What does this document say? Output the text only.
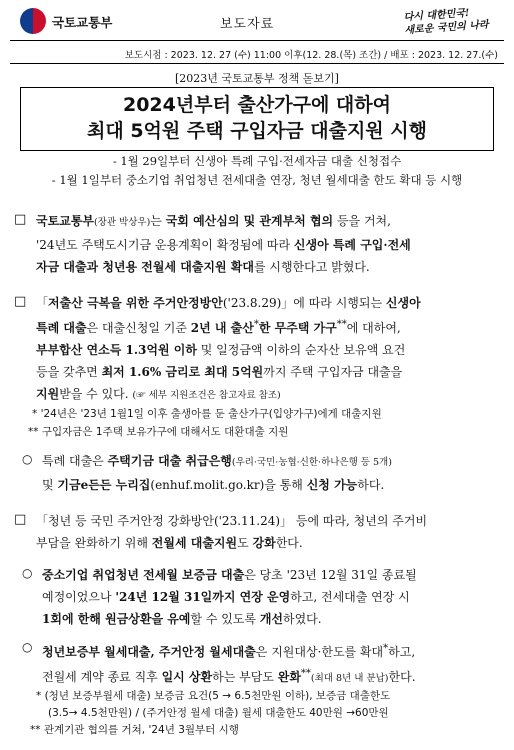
국토교통부	보도자료
다시 대한민국!
새로운 국민의 나라
보도시점 : 2023. 12. 27 (수) 11:00 이후(12. 28.(목) 조간) / 배포 : 2023. 12. 27.(수)
[2023년 국토교통부 정책 돋보기]
2024년부터 출산가구에 대하여
최대 5억원 주택 구입자금 대출지원 시행
- 1월 29일부터 신생아 특례 구입·전세자금 대출 신청접수
- 1월 1일부터 중소기업 취업청년 전세대출 연장, 청년 월세대출 한도 확대 등 시행
□ 국토교통부(장관 박상우)는 국회 예산심의 및 관계부처 협의 등을 거쳐,
'24년도 주택도시기금 운용계획이 확정됨에 따라 신생아 특례 구입·전세
자금 대출과 청년용 전월세 대출지원 확대를 시행한다고 밝혔다.
□ 「저출산 극복을 위한 주거안정방안('23.8.29)」에 따라 시행되는 신생아
특례 대출은 대출신청일 기준 2년 내 출산*한 무주택 가구**에 대하여,
부부합산 연소득 1.3억원 이하 및 일정금액 이하의 순자산 보유액 요건
등을 갖추면 최저 1.6% 금리로 최대 5억원까지 주택 구입자금 대출을
지원받을 수 있다. (☞ 세부 지원조건은 참고자료 참조)
* '24년은 '23년 1월1일 이후 출생아를 둔 출산가구(입양가구)에게 대출지원
** 구입자금은 1주택 보유가구에 대해서도 대환대출 지원
○ 특례 대출은 주택기금 대출 취급은행(우리·국민·농협·신한·하나은행 등 5개)
및 기금e든든 누리집(enhuf.molit.go.kr)을 통해 신청 가능하다.
□ 「청년 등 국민 주거안정 강화방안('23.11.24)」 등에 따라, 청년의 주거비
부담을 완화하기 위해 전월세 대출지원도 강화한다.
○ 중소기업 취업청년 전세월 보증금 대출은 당초 '23년 12월 31일 종료될
예정이었으나 '24년 12월 31일까지 연장 운영하고, 전세대출 연장 시
1회에 한해 원금상환을 유예할 수 있도록 개선하였다.
○ 청년보증부 월세대출, 주거안정 월세대출은 지원대상·한도를 확대*하고,
전월세 계약 종료 직후 일시 상환하는 부담도 완화**(최대 8년 내 분납)한다.
* (청년 보증부월세 대출) 보증금 요건(5 → 6.5천만원 이하), 보증금 대출한도
(3.5→ 4.5천만원) / (주거안정 월세 대출) 월세 대출한도 40만원 →60만원
** 관계기관 협의를 거쳐, '24년 3월부터 시행
